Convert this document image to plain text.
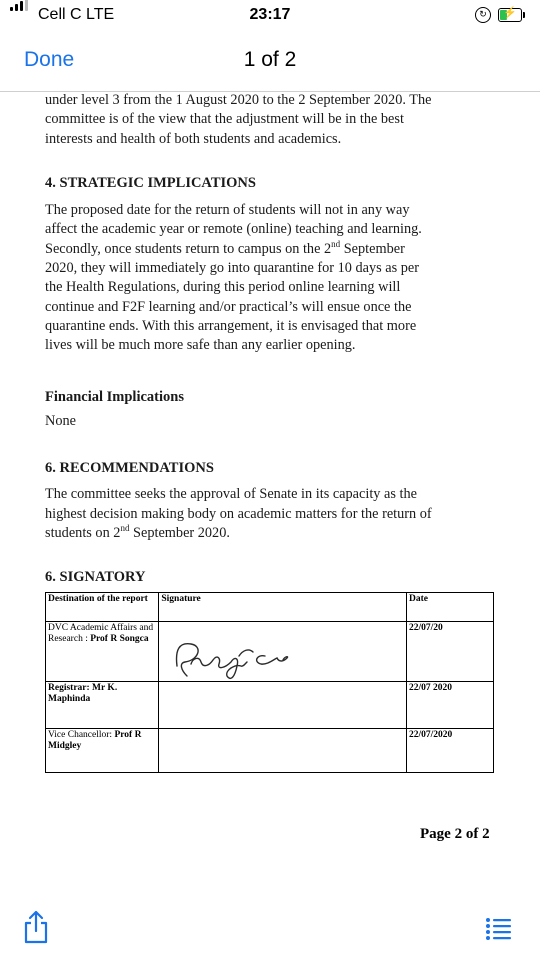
Cell C LTE	23:17	↻	⚡
Done	1 of 2

under level 3 from the 1 August 2020 to the 2 September 2020. The

committee is of the view that the adjustment will be in the best

interests and health of both students and academics.

4. STRATEGIC IMPLICATIONS

The proposed date for the return of students will not in any way

affect the academic year or remote (online) teaching and learning.

Secondly, once students return to campus on the 2nd September

2020, they will immediately go into quarantine for 10 days as per

the Health Regulations, during this period online learning will

continue and F2F learning and/or practical’s will ensue once the

quarantine ends. With this arrangement, it is envisaged that more

lives will be much more safe than any earlier opening.

Financial Implications

None

6. RECOMMENDATIONS

The committee seeks the approval of Senate in its capacity as the

highest decision making body on academic matters for the return of

students on 2nd September 2020.

6. SIGNATORY

Destination of the report	Signature	Date
DVC Academic Affairs and Research : Prof R Songca		22/07/20
Registrar: Mr K. Maphinda		22/07 2020
Vice Chancellor: Prof R Midgley		22/07/2020
Page 2 of 2
